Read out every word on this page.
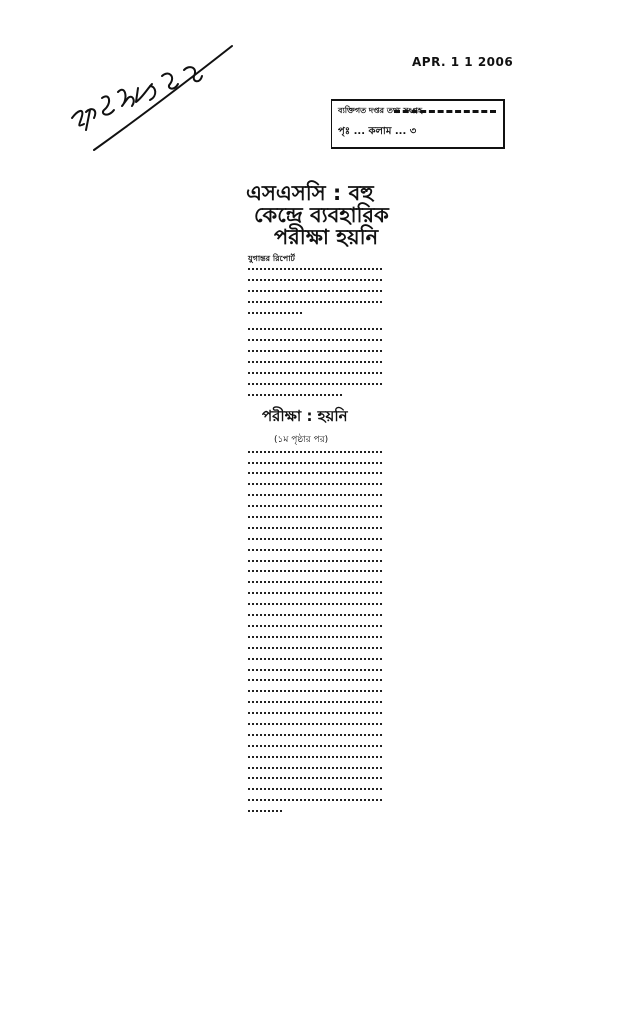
APR. 1 1 2006
ব্যক্তিগত দপ্তর তথ্য সংগ্রহ
পৃঃ ... কলাম ... ৩
এসএসসি : বহু
কেন্দ্রে ব্যবহারিক
পরীক্ষা হয়নি
যুগান্তর রিপোর্ট
পরীক্ষা : হয়নি
(১ম পৃষ্ঠার পর)
